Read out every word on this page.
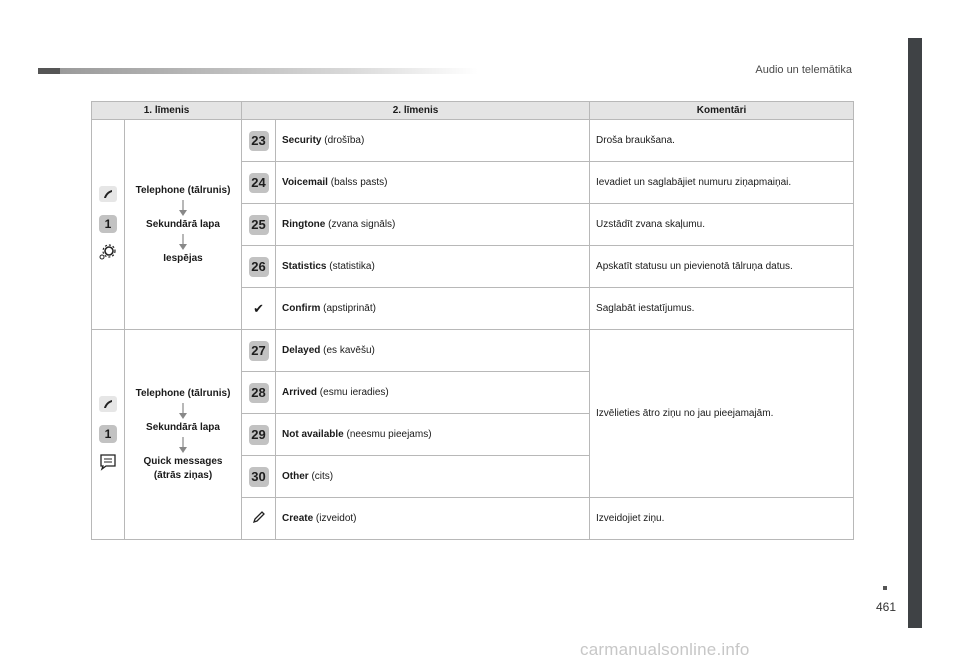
Audio un telemātika
461
carmanualsonline.info
1. līmenis		2. līmenis		Komentāri

1	Telephone (tālrunis)
Sekundārā lapa
Iespējas	23	Security (drošība)	Droša braukšana.
		24	Voicemail (balss pasts)	Ievadiet un saglabājiet numuru ziņapmaiņai.
		25	Ringtone (zvana signāls)	Uzstādīt zvana skaļumu.
		26	Statistics (statistika)	Apskatīt statusu un pievienotā tālruņa datus.
		✔	Confirm (apstiprināt)	Saglabāt iestatījumus.

1	Telephone (tālrunis)
Sekundārā lapa
Quick messages (ātrās ziņas)	27	Delayed (es kavēšu)	Izvēlieties ātro ziņu no jau pieejamajām.
		28	Arrived (esmu ieradies)	
		29	Not available (neesmu pieejams)	
		30	Other (cits)	
	Create (izveidot)	Izveidojiet ziņu.
